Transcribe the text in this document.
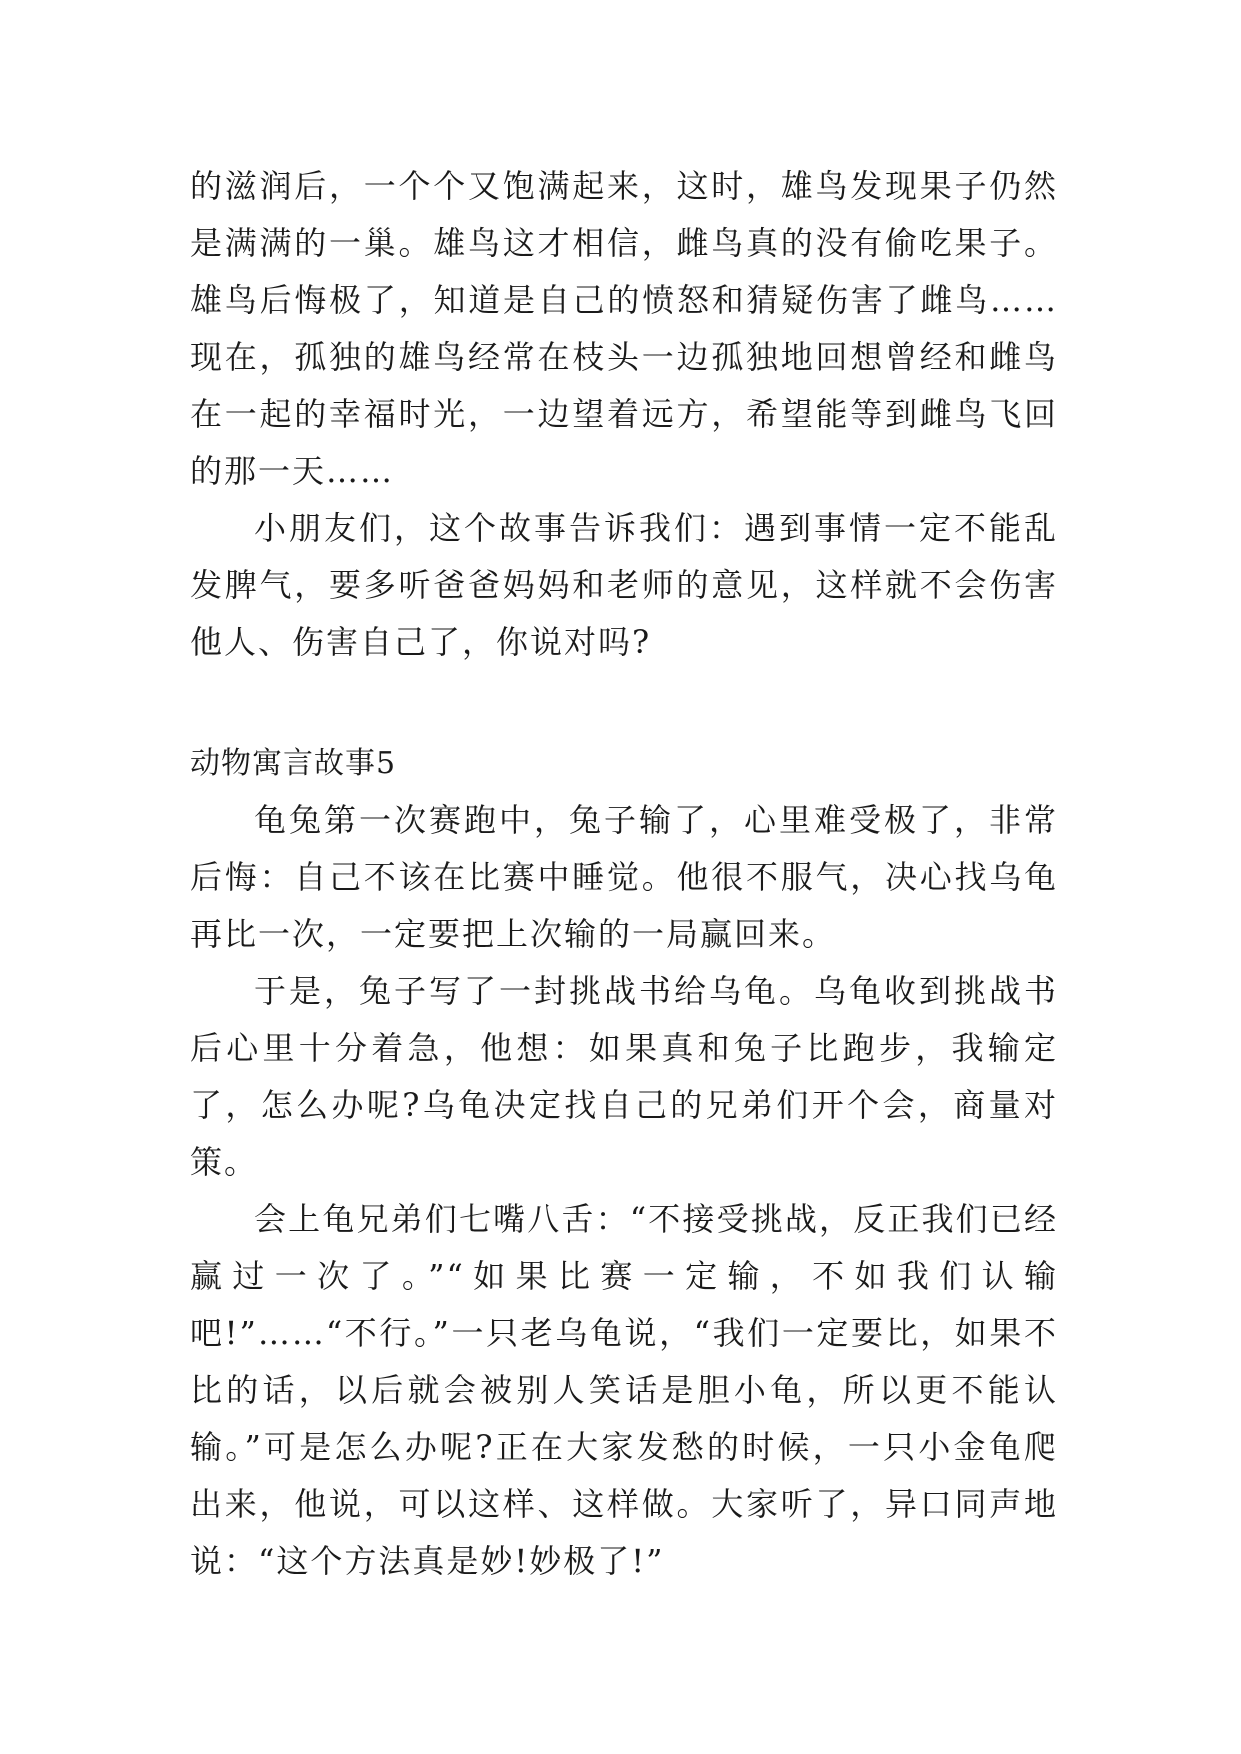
的滋润后，一个个又饱满起来，这时，雄鸟发现果子仍然是满满的一巢。雄鸟这才相信，雌鸟真的没有偷吃果子。雄鸟后悔极了，知道是自己的愤怒和猜疑伤害了雌鸟……现在，孤独的雄鸟经常在枝头一边孤独地回想曾经和雌鸟在一起的幸福时光，一边望着远方，希望能等到雌鸟飞回的那一天……

小朋友们，这个故事告诉我们：遇到事情一定不能乱发脾气，要多听爸爸妈妈和老师的意见，这样就不会伤害他人、伤害自己了，你说对吗?

动物寓言故事5

龟兔第一次赛跑中，兔子输了，心里难受极了，非常后悔：自己不该在比赛中睡觉。他很不服气，决心找乌龟再比一次，一定要把上次输的一局赢回来。

于是，兔子写了一封挑战书给乌龟。乌龟收到挑战书后心里十分着急，他想：如果真和兔子比跑步，我输定了，怎么办呢?乌龟决定找自己的兄弟们开个会，商量对策。

会上龟兄弟们七嘴八舌：“不接受挑战，反正我们已经赢过一次了。”“如果比赛一定输，不如我们认输吧!”……“不行。”一只老乌龟说，“我们一定要比，如果不比的话，以后就会被别人笑话是胆小龟，所以更不能认输。”可是怎么办呢?正在大家发愁的时候，一只小金龟爬出来，他说，可以这样、这样做。大家听了，异口同声地说：“这个方法真是妙!妙极了!”
